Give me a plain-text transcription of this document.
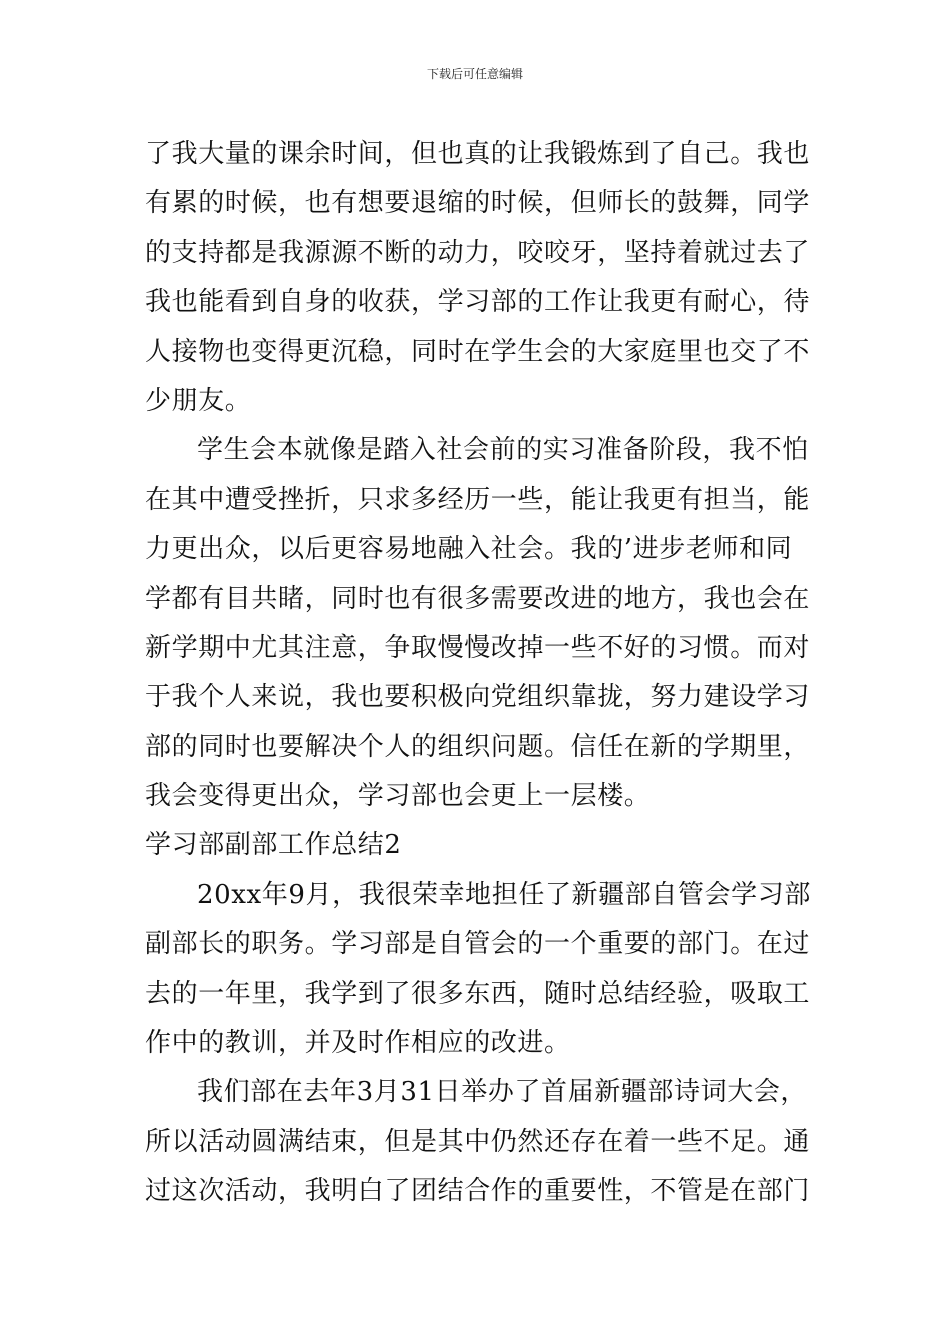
下载后可任意编辑
了我大量的课余时间，但也真的让我锻炼到了自己。我也
有累的时候，也有想要退缩的时候，但师长的鼓舞，同学
的支持都是我源源不断的动力，咬咬牙，坚持着就过去了
我也能看到自身的收获，学习部的工作让我更有耐心，待
人接物也变得更沉稳，同时在学生会的大家庭里也交了不
少朋友。
学生会本就像是踏入社会前的实习准备阶段，我不怕
在其中遭受挫折，只求多经历一些，能让我更有担当，能
力更出众，以后更容易地融入社会。我的’进步老师和同
学都有目共睹，同时也有很多需要改进的地方，我也会在
新学期中尤其注意，争取慢慢改掉一些不好的习惯。而对
于我个人来说，我也要积极向党组织靠拢，努力建设学习
部的同时也要解决个人的组织问题。信任在新的学期里，
我会变得更出众，学习部也会更上一层楼。
学习部副部工作总结2
20xx年9月，我很荣幸地担任了新疆部自管会学习部
副部长的职务。学习部是自管会的一个重要的部门。在过
去的一年里，我学到了很多东西，随时总结经验，吸取工
作中的教训，并及时作相应的改进。
我们部在去年3月31日举办了首届新疆部诗词大会，
所以活动圆满结束，但是其中仍然还存在着一些不足。通
过这次活动，我明白了团结合作的重要性，不管是在部门
